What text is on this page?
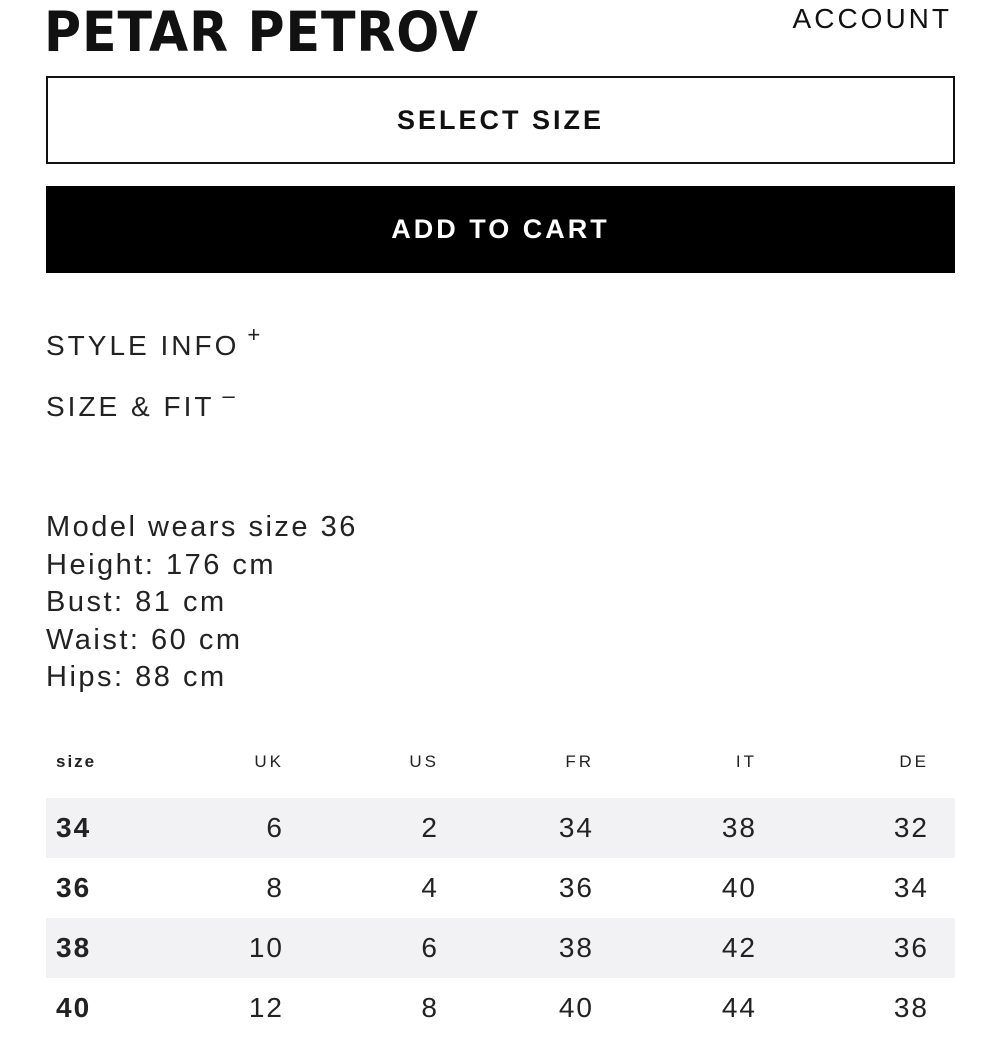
PETAR PETROV	ACCOUNT
SELECT SIZE
ADD TO CART
STYLE INFO +
SIZE & FIT –
Model wears size 36
Height: 176 cm
Bust: 81 cm
Waist: 60 cm
Hips: 88 cm
size	UK	US	FR	IT	DE

34	6	2	34	38	32
36	8	4	36	40	34
38	10	6	38	42	36
40	12	8	40	44	38
